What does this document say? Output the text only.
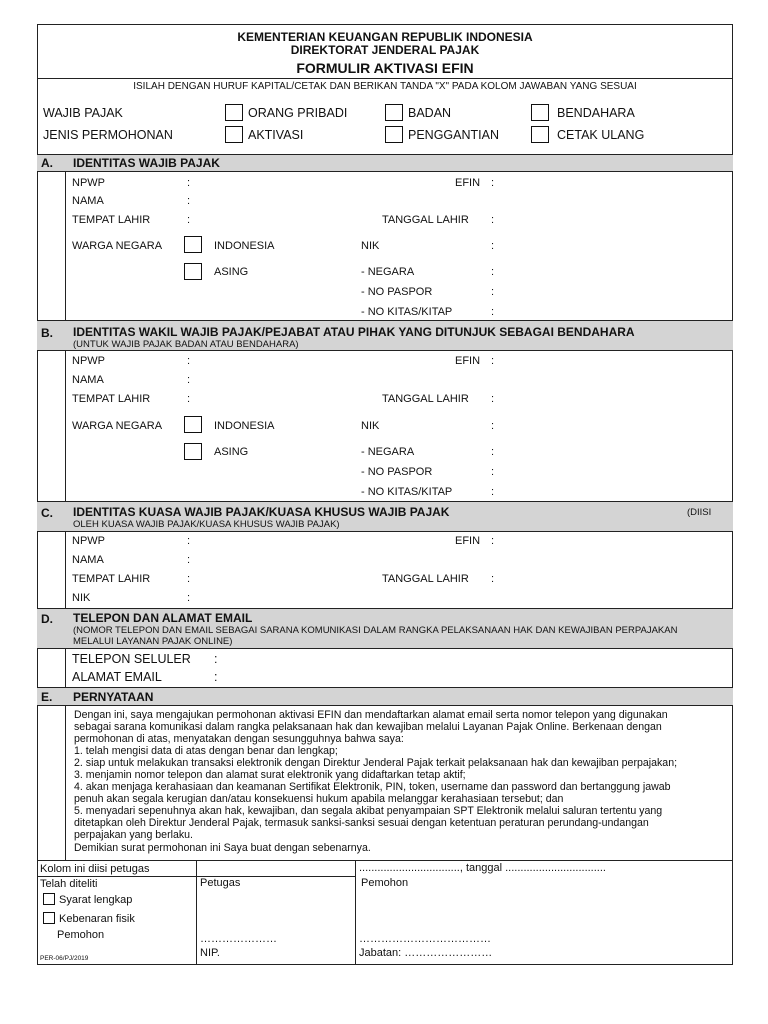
KEMENTERIAN KEUANGAN REPUBLIK INDONESIA
DIREKTORAT JENDERAL PAJAK
FORMULIR AKTIVASI EFIN
ISILAH DENGAN HURUF KAPITAL/CETAK DAN BERIKAN TANDA "X" PADA KOLOM JAWABAN YANG SESUAI
WAJIB PAJAK	ORANG PRIBADI	BADAN	BENDAHARA
JENIS PERMOHONAN	AKTIVASI	PENGGANTIAN	CETAK ULANG
A. IDENTITAS WAJIB PAJAK
NPWP	:	EFIN :
NAMA	:
TEMPAT LAHIR	:	TANGGAL LAHIR :
WARGA NEGARA	INDONESIA	NIK	:
ASING	- NEGARA	:
- NO PASPOR	:
- NO KITAS/KITAP	:
B. IDENTITAS WAKIL WAJIB PAJAK/PEJABAT ATAU PIHAK YANG DITUNJUK SEBAGAI BENDAHARA
(UNTUK WAJIB PAJAK BADAN ATAU BENDAHARA)
NPWP	:	EFIN :
NAMA	:
TEMPAT LAHIR	:	TANGGAL LAHIR :
WARGA NEGARA	INDONESIA	NIK	:
ASING	- NEGARA	:
- NO PASPOR	:
- NO KITAS/KITAP	:
C. IDENTITAS KUASA WAJIB PAJAK/KUASA KHUSUS WAJIB PAJAK	(DIISI
OLEH KUASA WAJIB PAJAK/KUASA KHUSUS WAJIB PAJAK)
NPWP	:	EFIN :
NAMA	:
TEMPAT LAHIR	:	TANGGAL LAHIR :
NIK	:
D. TELEPON DAN ALAMAT EMAIL
(NOMOR TELEPON DAN EMAIL SEBAGAI SARANA KOMUNIKASI DALAM RANGKA PELAKSANAAN HAK DAN KEWAJIBAN PERPAJAKAN
MELALUI LAYANAN PAJAK ONLINE)
TELEPON SELULER :
ALAMAT EMAIL	:
E. PERNYATAAN
Dengan ini, saya mengajukan permohonan aktivasi EFIN dan mendaftarkan alamat email serta nomor telepon yang digunakan
sebagai sarana komunikasi dalam rangka pelaksanaan hak dan kewajiban melalui Layanan Pajak Online. Berkenaan dengan
permohonan di atas, menyatakan dengan sesungguhnya bahwa saya:
1. telah mengisi data di atas dengan benar dan lengkap;
2. siap untuk melakukan transaksi elektronik dengan Direktur Jenderal Pajak terkait pelaksanaan hak dan kewajiban perpajakan;
3. menjamin nomor telepon dan alamat surat elektronik yang didaftarkan tetap aktif;
4. akan menjaga kerahasiaan dan keamanan Sertifikat Elektronik, PIN, token, username dan password dan bertanggung jawab
penuh akan segala kerugian dan/atau konsekuensi hukum apabila melanggar kerahasiaan tersebut; dan
5. menyadari sepenuhnya akan hak, kewajiban, dan segala akibat penyampaian SPT Elektronik melalui saluran tertentu yang
ditetapkan oleh Direktur Jenderal Pajak, termasuk sanksi-sanksi sesuai dengan ketentuan peraturan perundang-undangan
perpajakan yang berlaku.
Demikian surat permohonan ini Saya buat dengan sebenarnya.
Kolom ini diisi petugas
Telah diteliti
Syarat lengkap
Kebenaran fisik
Pemohon
Petugas
…………………
NIP.
................................., tanggal .................................
Pemohon
………………………………
Jabatan: ……………………
PER-06/PJ/2019
